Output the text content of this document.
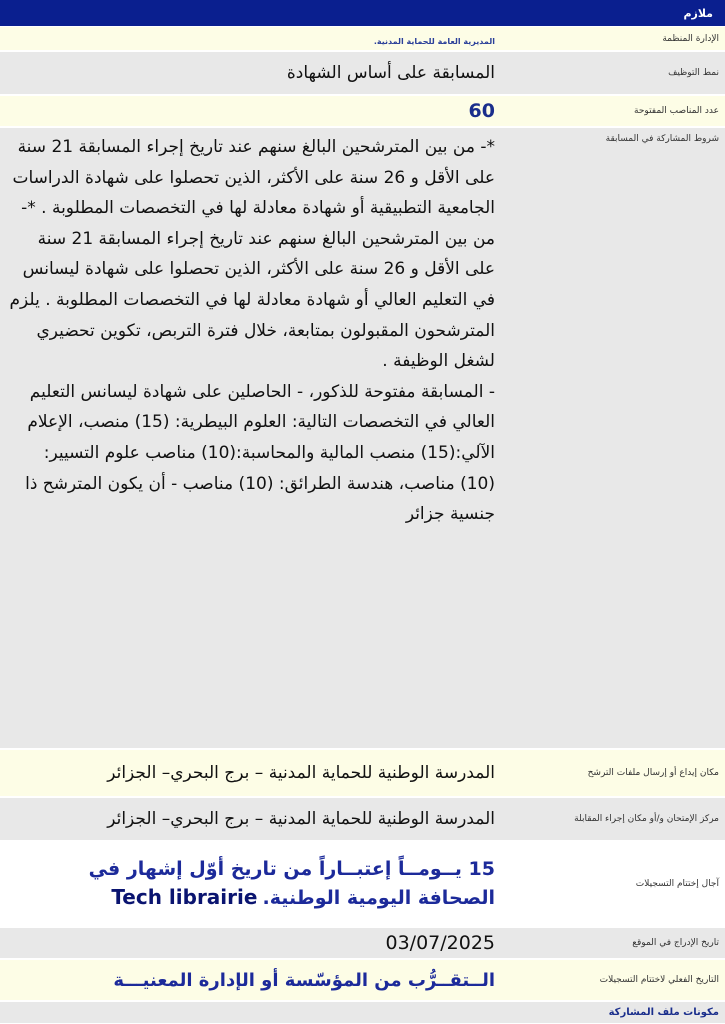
ملازم
الإدارة المنظمة	المديرية العامة للحماية المدنية.
نمط التوظيف	المسابقة على أساس الشهادة
عدد المناصب المفتوحة	60
شروط المشاركة في المسابقة	*- من بين المترشحين البالغ سنهم عند تاريخ إجراء المسابقة 21 سنة على الأقل و 26 سنة على الأكثر، الذين تحصلوا على شهادة الدراسات الجامعية التطبيقية أو شهادة معادلة لها في التخصصات المطلوبة . *- من بين المترشحين البالغ سنهم عند تاريخ إجراء المسابقة 21 سنة على الأقل و 26 سنة على الأكثر، الذين تحصلوا على شهادة ليسانس في التعليم العالي أو شهادة معادلة لها في التخصصات المطلوبة . يلزم المترشحون المقبولون بمتابعة، خلال فترة التربص، تكوين تحضيري لشغل الوظيفة .

- المسابقة مفتوحة للذكور، - الحاصلين على شهادة ليسانس التعليم العالي في التخصصات التالية: العلوم البيطرية: (15) منصب، الإعلام الآلي:(15) منصب المالية والمحاسبة:(10) مناصب علوم التسيير: (10) مناصب، هندسة الطرائق: (10) مناصب - أن يكون المترشح ذا جنسية جزائر

مكان إيداع أو إرسال ملفات الترشح	المدرسة الوطنية للحماية المدنية – برج البحري– الجزائر
مركز الإمتحان و/أو مكان إجراء المقابلة	المدرسة الوطنية للحماية المدنية – برج البحري– الجزائر
آجال إختتام التسجيلات	15 يــومــاً إعتبــاراً من تاريخ أوّل إشهار في الصحافة اليومية الوطنية. Tech librairie
تاريخ الإدراج في الموقع	03/07/2025
التاريخ الفعلي لاختتام التسجيلات	الــتقــرُّب من المؤسّسة أو الإدارة المعنيـــة
مكونات ملف المشاركة	
